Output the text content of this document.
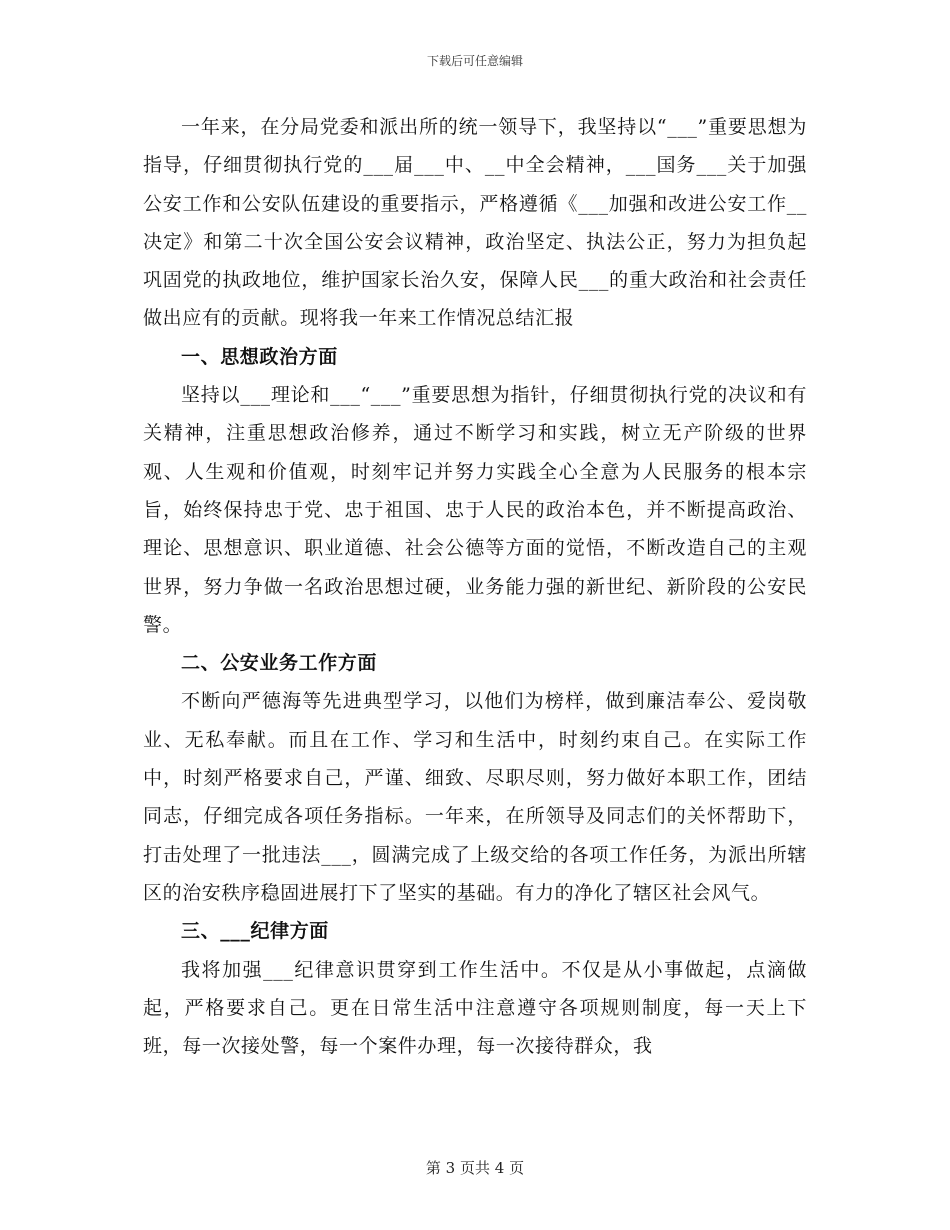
下载后可任意编辑

一年来，在分局党委和派出所的统一领导下，我坚持以“___”重要思想为指导，仔细贯彻执行党的___届___中、__中全会精神，___国务___关于加强公安工作和公安队伍建设的重要指示，严格遵循《___加强和改进公安工作__决定》和第二十次全国公安会议精神，政治坚定、执法公正，努力为担负起巩固党的执政地位，维护国家长治久安，保障人民___的重大政治和社会责任做出应有的贡献。现将我一年来工作情况总结汇报

一、思想政治方面

坚持以___理论和___“___”重要思想为指针，仔细贯彻执行党的决议和有关精神，注重思想政治修养，通过不断学习和实践，树立无产阶级的世界观、人生观和价值观，时刻牢记并努力实践全心全意为人民服务的根本宗旨，始终保持忠于党、忠于祖国、忠于人民的政治本色，并不断提高政治、理论、思想意识、职业道德、社会公德等方面的觉悟，不断改造自己的主观世界，努力争做一名政治思想过硬，业务能力强的新世纪、新阶段的公安民警。

二、公安业务工作方面

不断向严德海等先进典型学习，以他们为榜样，做到廉洁奉公、爱岗敬业、无私奉献。而且在工作、学习和生活中，时刻约束自己。在实际工作中，时刻严格要求自己，严谨、细致、尽职尽则，努力做好本职工作，团结同志，仔细完成各项任务指标。一年来，在所领导及同志们的关怀帮助下，打击处理了一批违法___，圆满完成了上级交给的各项工作任务，为派出所辖区的治安秩序稳固进展打下了坚实的基础。有力的净化了辖区社会风气。

三、___纪律方面

我将加强___纪律意识贯穿到工作生活中。不仅是从小事做起，点滴做起，严格要求自己。更在日常生活中注意遵守各项规则制度，每一天上下班，每一次接处警，每一个案件办理，每一次接待群众，我

第 3 页共 4 页
